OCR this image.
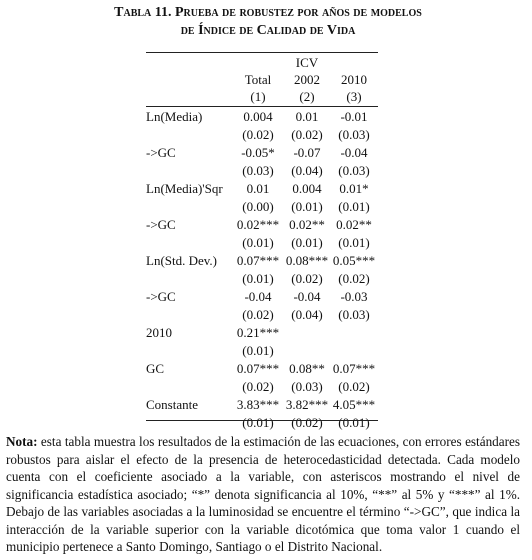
Tabla 11. Prueba de robustez por años de modelos
de Índice de Calidad de Vida
		ICV	
	Total	2002	2010
	(1)	(2)	(3)

Ln(Media)	0.004	0.01	-0.01
	(0.02)	(0.02)	(0.03)
->GC	-0.05*	-0.07	-0.04
	(0.03)	(0.04)	(0.03)
Ln(Media)'Sqr	0.01	0.004	0.01*
	(0.00)	(0.01)	(0.01)
->GC	0.02***	0.02**	0.02**
	(0.01)	(0.01)	(0.01)
Ln(Std. Dev.)	0.07***	0.08***	0.05***
	(0.01)	(0.02)	(0.02)
->GC	-0.04	-0.04	-0.03
	(0.02)	(0.04)	(0.03)
2010	0.21***		
	(0.01)		
GC	0.07***	0.08**	0.07***
	(0.02)	(0.03)	(0.02)
Constante	3.83***	3.82***	4.05***
	(0.01)	(0.02)	(0.01)
Nota: esta tabla muestra los resultados de la estimación de las ecuaciones, con errores estándares robustos para aislar el efecto de la presencia de heterocedasticidad detectada. Cada modelo cuenta con el coeficiente asociado a la variable, con asteriscos mostrando el nivel de significancia estadística asociado; “*” denota significancia al 10%, “**” al 5% y “***” al 1%. Debajo de las variables asociadas a la luminosidad se encuentre el término “->GC”, que indica la interacción de la variable superior con la variable dicotómica que toma valor 1 cuando el municipio pertenece a Santo Domingo, Santiago o el Distrito Nacional.
